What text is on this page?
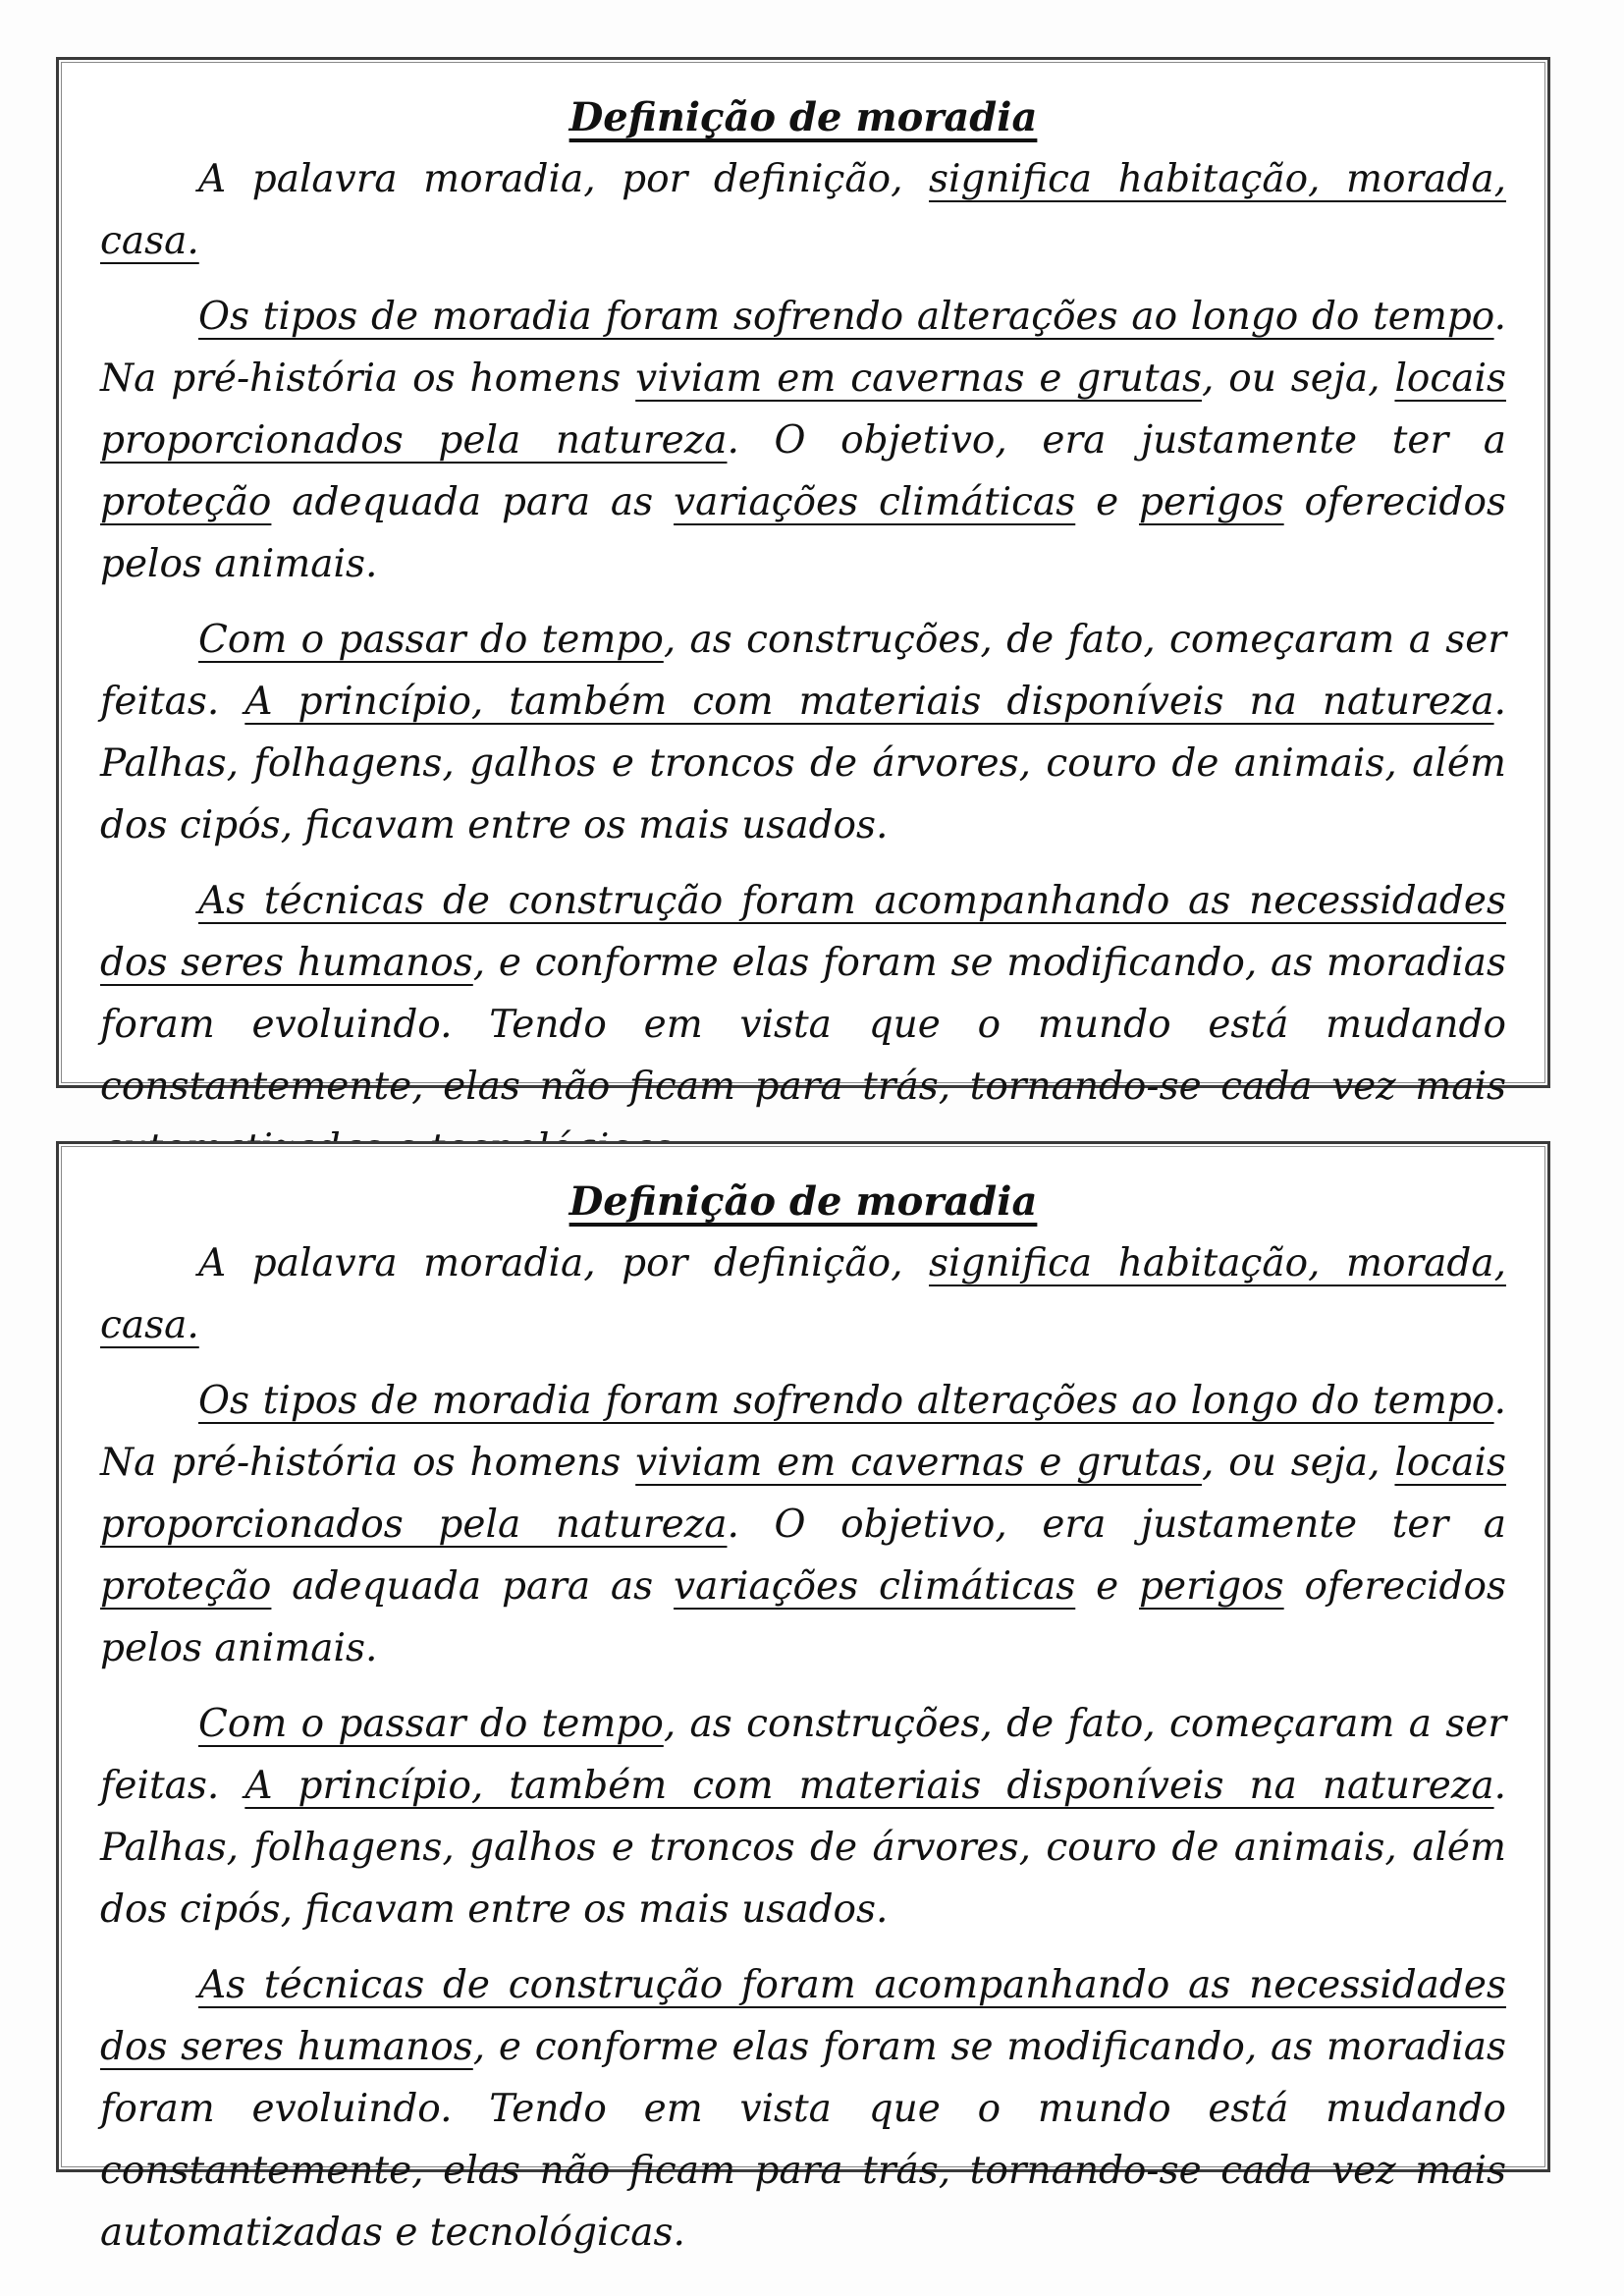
Definição de moradia

A palavra moradia, por definição, significa habitação, morada, casa.

Os tipos de moradia foram sofrendo alterações ao longo do tempo. Na pré-história os homens viviam em cavernas e grutas, ou seja, locais proporcionados pela natureza. O objetivo, era justamente ter a proteção adequada para as variações climáticas e perigos oferecidos pelos animais.

Com o passar do tempo, as construções, de fato, começaram a ser feitas. A princípio, também com materiais disponíveis na natureza. Palhas, folhagens, galhos e troncos de árvores, couro de animais, além dos cipós, ficavam entre os mais usados.

As técnicas de construção foram acompanhando as necessidades dos seres humanos, e conforme elas foram se modificando, as moradias foram evoluindo. Tendo em vista que o mundo está mudando constantemente, elas não ficam para trás, tornando-se cada vez mais

Definição de moradia

A palavra moradia, por definição, significa habitação, morada, casa.

Os tipos de moradia foram sofrendo alterações ao longo do tempo. Na pré-história os homens viviam em cavernas e grutas, ou seja, locais proporcionados pela natureza. O objetivo, era justamente ter a proteção adequada para as variações climáticas e perigos oferecidos pelos animais.

Com o passar do tempo, as construções, de fato, começaram a ser feitas. A princípio, também com materiais disponíveis na natureza. Palhas, folhagens, galhos e troncos de árvores, couro de animais, além dos cipós, ficavam entre os mais usados.

As técnicas de construção foram acompanhando as necessidades dos seres humanos, e conforme elas foram se modificando, as moradias foram evoluindo. Tendo em vista que o mundo está mudando constantemente, elas não ficam para trás, tornando-se cada vez mais automatizadas e tecnológicas.
